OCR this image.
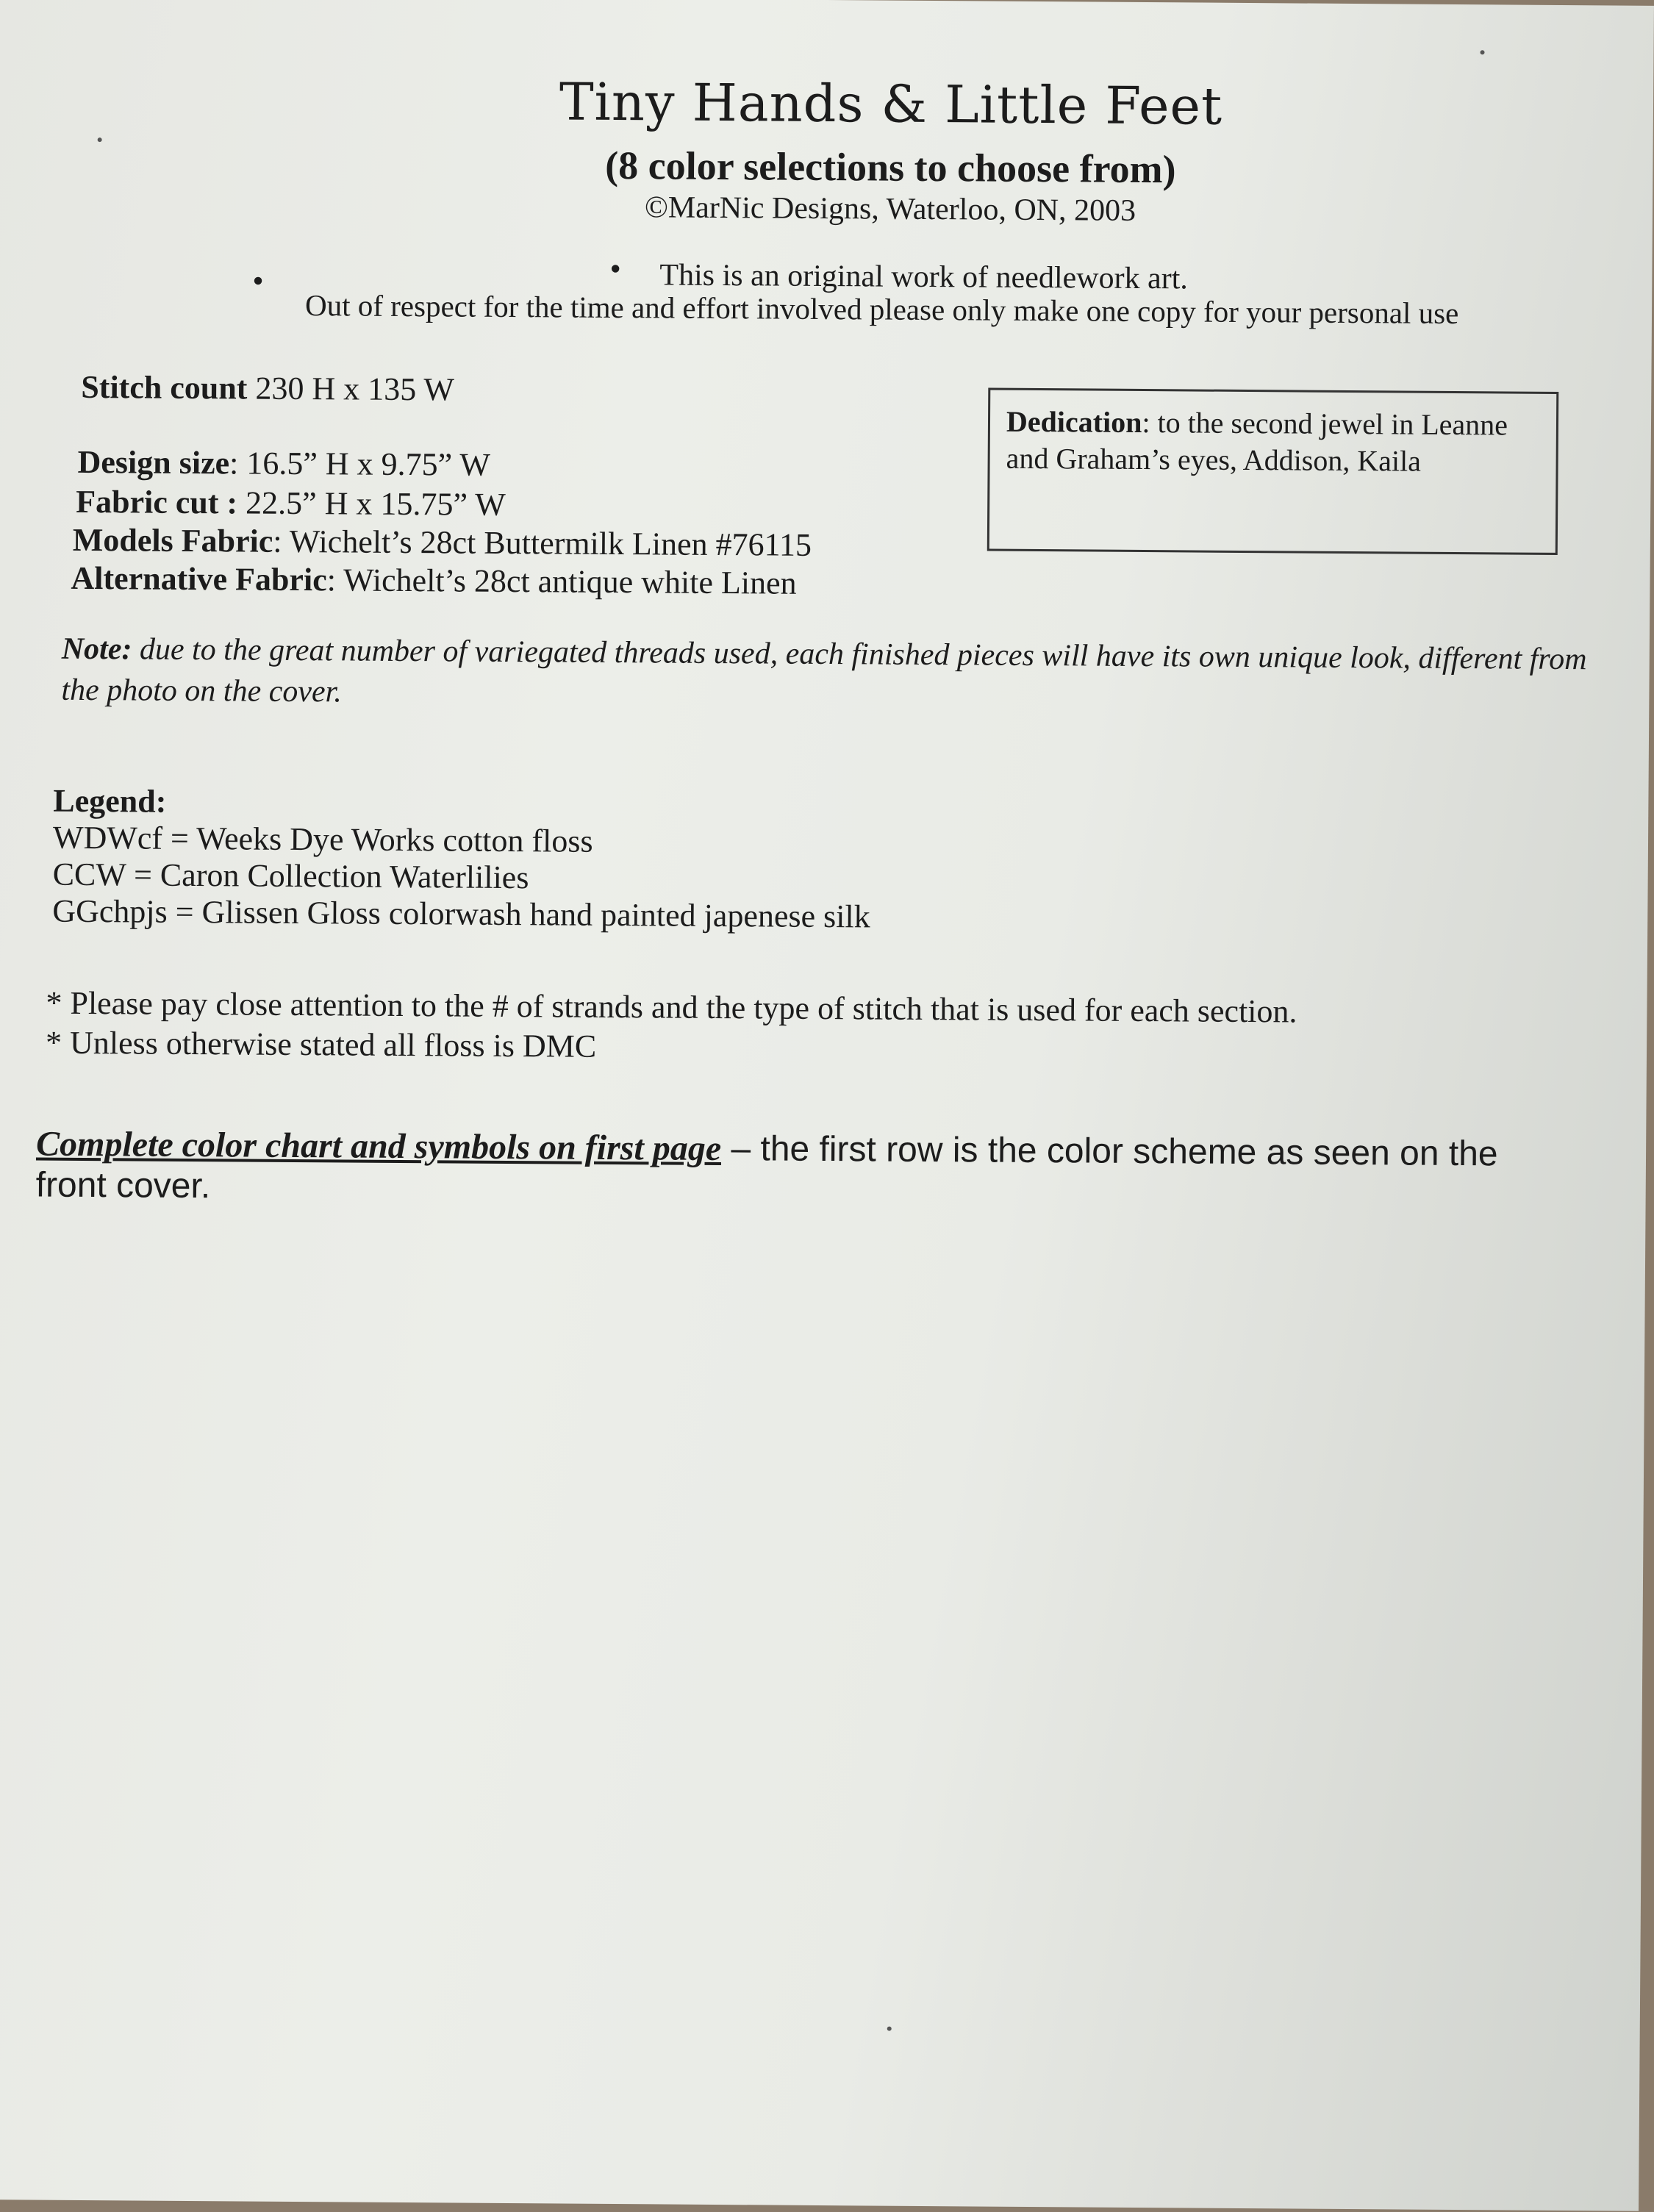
Tiny Hands & Little Feet
(8 color selections to choose from)
©MarNic Designs, Waterloo, ON, 2003
• This is an original work of needlework art.
•
Out of respect for the time and effort involved please only make one copy for your personal use
Stitch count 230 H x 135 W
Design size: 16.5” H x 9.75” W
Fabric cut : 22.5” H x 15.75” W
Models Fabric: Wichelt’s 28ct Buttermilk Linen #76115
Alternative Fabric: Wichelt’s 28ct antique white Linen
Dedication: to the second jewel in Leanne and Graham’s eyes, Addison, Kaila
Note: due to the great number of variegated threads used, each finished pieces will have its own unique look, different from
the photo on the cover.
Legend:
WDWcf = Weeks Dye Works cotton floss
CCW = Caron Collection Waterlilies
GGchpjs = Glissen Gloss colorwash hand painted japenese silk
* Please pay close attention to the # of strands and the type of stitch that is used for each section.
* Unless otherwise stated all floss is DMC
Complete color chart and symbols on first page – the first row is the color scheme as seen on the
front cover.
